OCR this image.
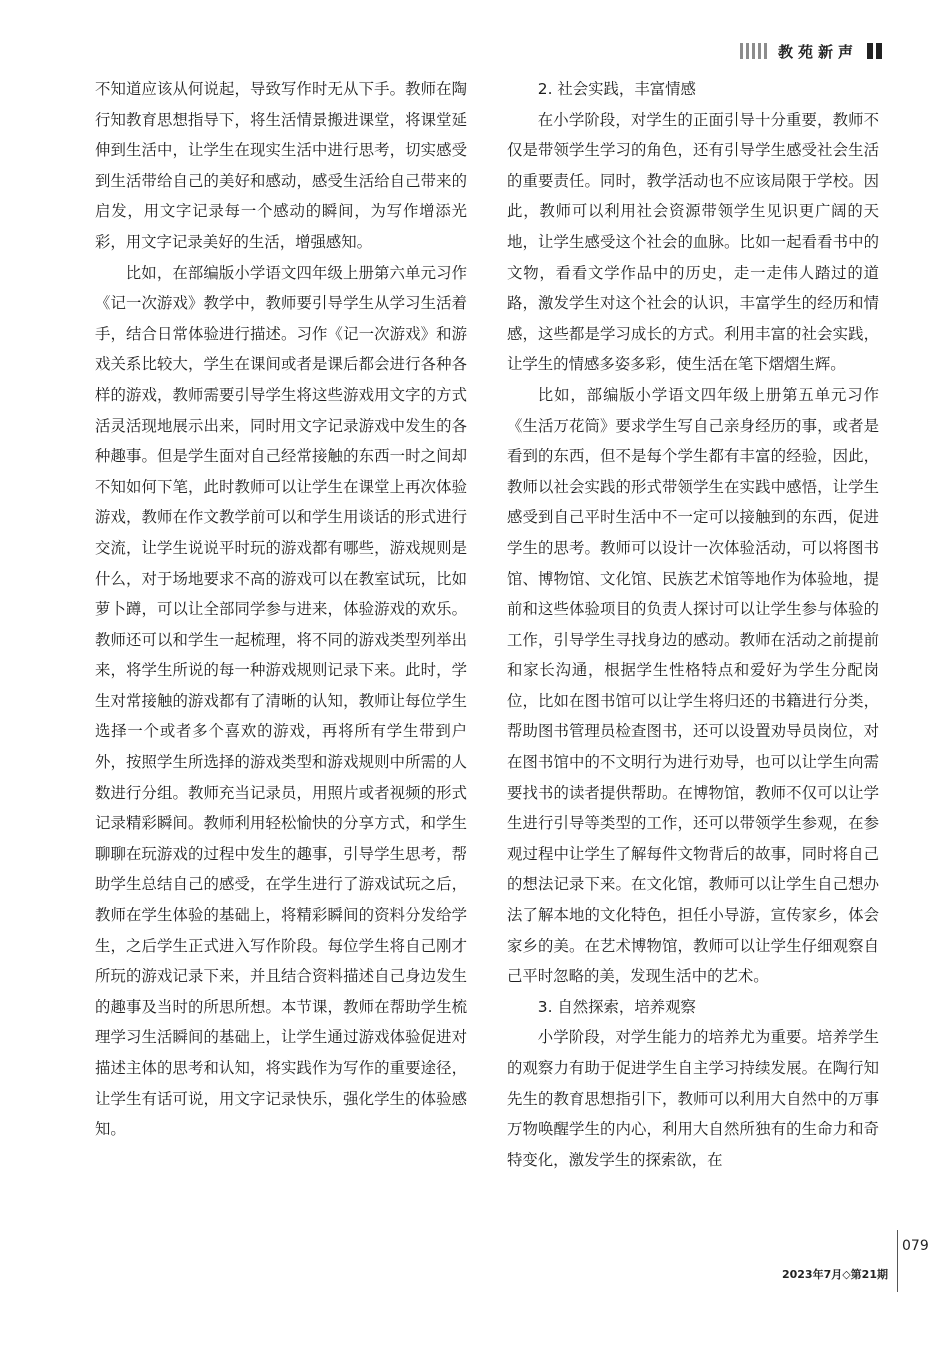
教苑新声

不知道应该从何说起，导致写作时无从下手。教师在陶行知教育思想指导下，将生活情景搬进课堂，将课堂延伸到生活中，让学生在现实生活中进行思考，切实感受到生活带给自己的美好和感动，感受生活给自己带来的启发，用文字记录每一个感动的瞬间，为写作增添光彩，用文字记录美好的生活，增强感知。

比如，在部编版小学语文四年级上册第六单元习作《记一次游戏》教学中，教师要引导学生从学习生活着手，结合日常体验进行描述。习作《记一次游戏》和游戏关系比较大，学生在课间或者是课后都会进行各种各样的游戏，教师需要引导学生将这些游戏用文字的方式活灵活现地展示出来，同时用文字记录游戏中发生的各种趣事。但是学生面对自己经常接触的东西一时之间却不知如何下笔，此时教师可以让学生在课堂上再次体验游戏，教师在作文教学前可以和学生用谈话的形式进行交流，让学生说说平时玩的游戏都有哪些，游戏规则是什么，对于场地要求不高的游戏可以在教室试玩，比如萝卜蹲，可以让全部同学参与进来，体验游戏的欢乐。教师还可以和学生一起梳理，将不同的游戏类型列举出来，将学生所说的每一种游戏规则记录下来。此时，学生对常接触的游戏都有了清晰的认知，教师让每位学生选择一个或者多个喜欢的游戏，再将所有学生带到户外，按照学生所选择的游戏类型和游戏规则中所需的人数进行分组。教师充当记录员，用照片或者视频的形式记录精彩瞬间。教师利用轻松愉快的分享方式，和学生聊聊在玩游戏的过程中发生的趣事，引导学生思考，帮助学生总结自己的感受，在学生进行了游戏试玩之后，教师在学生体验的基础上，将精彩瞬间的资料分发给学生，之后学生正式进入写作阶段。每位学生将自己刚才所玩的游戏记录下来，并且结合资料描述自己身边发生的趣事及当时的所思所想。本节课，教师在帮助学生梳理学习生活瞬间的基础上，让学生通过游戏体验促进对描述主体的思考和认知，将实践作为写作的重要途径，让学生有话可说，用文字记录快乐，强化学生的体验感知。

2. 社会实践，丰富情感

在小学阶段，对学生的正面引导十分重要，教师不仅是带领学生学习的角色，还有引导学生感受社会生活的重要责任。同时，教学活动也不应该局限于学校。因此，教师可以利用社会资源带领学生见识更广阔的天地，让学生感受这个社会的血脉。比如一起看看书中的文物，看看文学作品中的历史，走一走伟人踏过的道路，激发学生对这个社会的认识，丰富学生的经历和情感，这些都是学习成长的方式。利用丰富的社会实践，让学生的情感多姿多彩，使生活在笔下熠熠生辉。

比如，部编版小学语文四年级上册第五单元习作《生活万花筒》要求学生写自己亲身经历的事，或者是看到的东西，但不是每个学生都有丰富的经验，因此，教师以社会实践的形式带领学生在实践中感悟，让学生感受到自己平时生活中不一定可以接触到的东西，促进学生的思考。教师可以设计一次体验活动，可以将图书馆、博物馆、文化馆、民族艺术馆等地作为体验地，提前和这些体验项目的负责人探讨可以让学生参与体验的工作，引导学生寻找身边的感动。教师在活动之前提前和家长沟通，根据学生性格特点和爱好为学生分配岗位，比如在图书馆可以让学生将归还的书籍进行分类，帮助图书管理员检查图书，还可以设置劝导员岗位，对在图书馆中的不文明行为进行劝导，也可以让学生向需要找书的读者提供帮助。在博物馆，教师不仅可以让学生进行引导等类型的工作，还可以带领学生参观，在参观过程中让学生了解每件文物背后的故事，同时将自己的想法记录下来。在文化馆，教师可以让学生自己想办法了解本地的文化特色，担任小导游，宣传家乡，体会家乡的美。在艺术博物馆，教师可以让学生仔细观察自己平时忽略的美，发现生活中的艺术。

3. 自然探索，培养观察

小学阶段，对学生能力的培养尤为重要。培养学生的观察力有助于促进学生自主学习持续发展。在陶行知先生的教育思想指引下，教师可以利用大自然中的万事万物唤醒学生的内心，利用大自然所独有的生命力和奇特变化，激发学生的探索欲，在

079
2023年7月◇第21期
